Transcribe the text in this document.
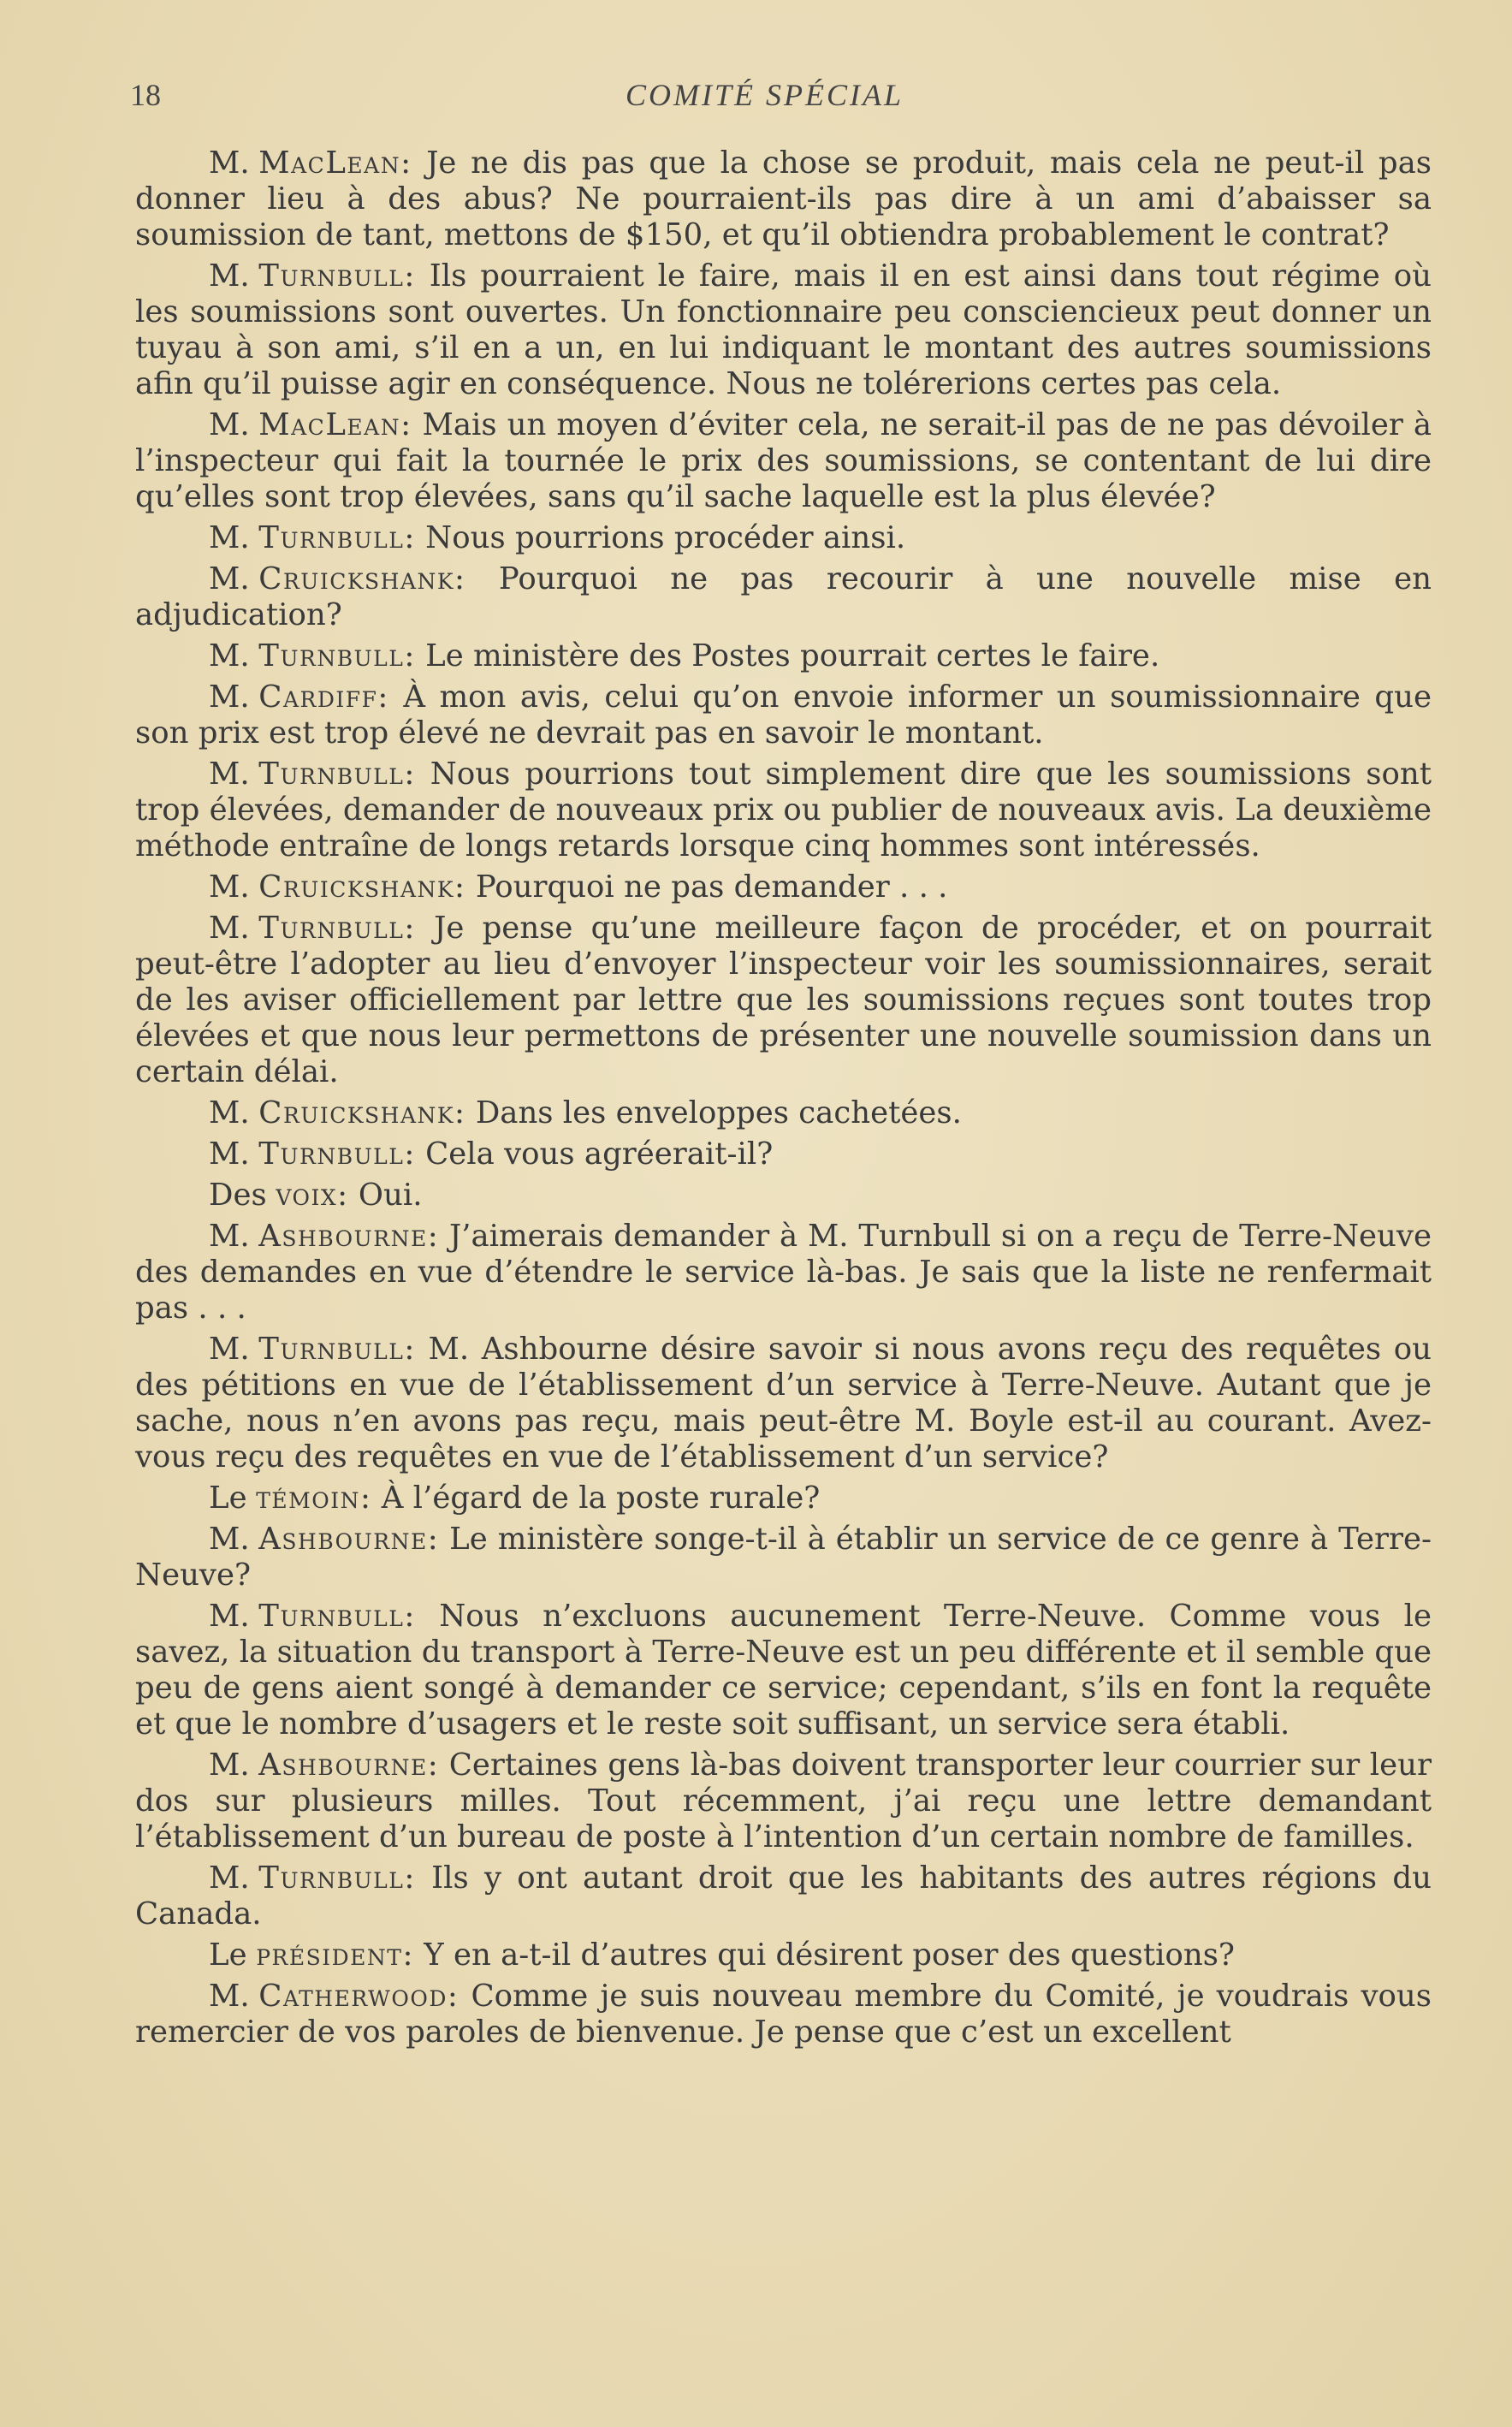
18	COMITÉ SPÉCIAL

M. MacLean: Je ne dis pas que la chose se produit, mais cela ne peut-il pas donner lieu à des abus? Ne pourraient-ils pas dire à un ami d’abaisser sa soumission de tant, mettons de $150, et qu’il obtiendra probablement le contrat?

M. Turnbull: Ils pourraient le faire, mais il en est ainsi dans tout régime où les soumissions sont ouvertes. Un fonctionnaire peu consciencieux peut donner un tuyau à son ami, s’il en a un, en lui indiquant le montant des autres soumissions afin qu’il puisse agir en conséquence. Nous ne tolérerions certes pas cela.

M. MacLean: Mais un moyen d’éviter cela, ne serait-il pas de ne pas dévoiler à l’inspecteur qui fait la tournée le prix des soumissions, se contentant de lui dire qu’elles sont trop élevées, sans qu’il sache laquelle est la plus élevée?

M. Turnbull: Nous pourrions procéder ainsi.

M. Cruickshank: Pourquoi ne pas recourir à une nouvelle mise en adjudication?

M. Turnbull: Le ministère des Postes pourrait certes le faire.

M. Cardiff: À mon avis, celui qu’on envoie informer un soumissionnaire que son prix est trop élevé ne devrait pas en savoir le montant.

M. Turnbull: Nous pourrions tout simplement dire que les soumissions sont trop élevées, demander de nouveaux prix ou publier de nouveaux avis. La deuxième méthode entraîne de longs retards lorsque cinq hommes sont intéressés.

M. Cruickshank: Pourquoi ne pas demander . . .

M. Turnbull: Je pense qu’une meilleure façon de procéder, et on pourrait peut-être l’adopter au lieu d’envoyer l’inspecteur voir les soumissionnaires, serait de les aviser officiellement par lettre que les soumissions reçues sont toutes trop élevées et que nous leur permettons de présenter une nouvelle soumission dans un certain délai.

M. Cruickshank: Dans les enveloppes cachetées.

M. Turnbull: Cela vous agréerait-il?

Des voix: Oui.

M. Ashbourne: J’aimerais demander à M. Turnbull si on a reçu de Terre-Neuve des demandes en vue d’étendre le service là-bas. Je sais que la liste ne renfermait pas . . .

M. Turnbull: M. Ashbourne désire savoir si nous avons reçu des requêtes ou des pétitions en vue de l’établissement d’un service à Terre-Neuve. Autant que je sache, nous n’en avons pas reçu, mais peut-être M. Boyle est-il au courant. Avez-vous reçu des requêtes en vue de l’établissement d’un service?

Le témoin: À l’égard de la poste rurale?

M. Ashbourne: Le ministère songe-t-il à établir un service de ce genre à Terre-Neuve?

M. Turnbull: Nous n’excluons aucunement Terre-Neuve. Comme vous le savez, la situation du transport à Terre-Neuve est un peu différente et il semble que peu de gens aient songé à demander ce service; cependant, s’ils en font la requête et que le nombre d’usagers et le reste soit suffisant, un service sera établi.

M. Ashbourne: Certaines gens là-bas doivent transporter leur courrier sur leur dos sur plusieurs milles. Tout récemment, j’ai reçu une lettre demandant l’établissement d’un bureau de poste à l’intention d’un certain nombre de familles.

M. Turnbull: Ils y ont autant droit que les habitants des autres régions du Canada.

Le président: Y en a-t-il d’autres qui désirent poser des questions?

M. Catherwood: Comme je suis nouveau membre du Comité, je voudrais vous remercier de vos paroles de bienvenue. Je pense que c’est un excellent
